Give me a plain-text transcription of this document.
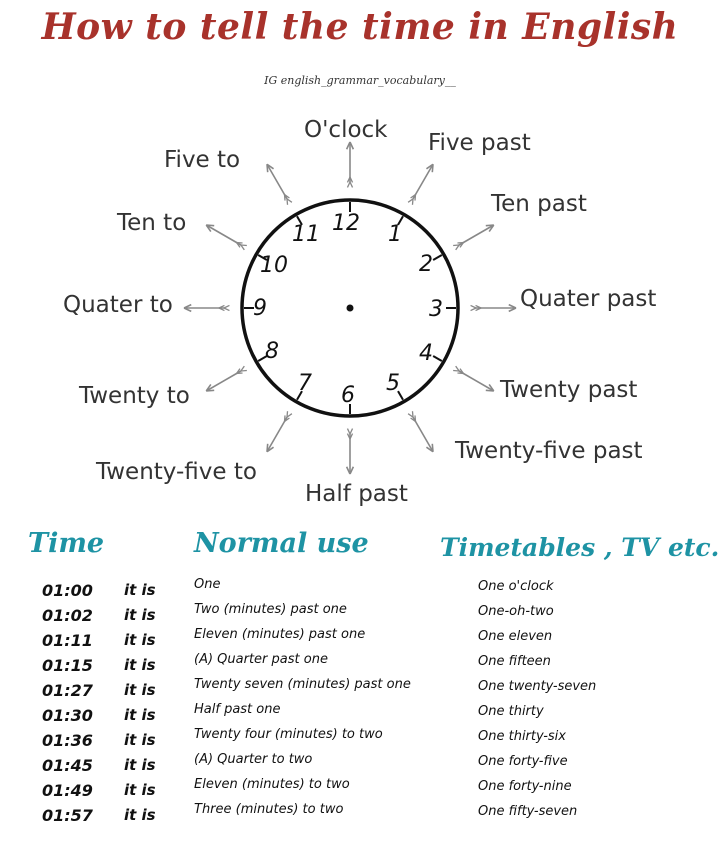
How to tell the time in English
IG english_grammar_vocabulary__
12 1
2
3
4
5
6
7
8
9
10
11
O'clock Five past
Ten past
Quater past
Twenty past
Twenty-five past
Half past
Twenty-five to
Twenty to
Quater to
Ten to
Five to
Time	Normal use	Timetables , TV etc.
01:00 it is	One	One o'clock
01:02 it is	Two (minutes) past one	One-oh-two
01:11 it is	Eleven (minutes) past one	One eleven
01:15 it is	(A) Quarter past one	One fifteen
01:27 it is	Twenty seven (minutes) past one	One twenty-seven
01:30 it is	Half past one	One thirty
01:36 it is	Twenty four (minutes) to two	One thirty-six
01:45 it is	(A) Quarter to two	One forty-five
01:49 it is	Eleven (minutes) to two	One forty-nine
01:57 it is	Three (minutes) to two	One fifty-seven
